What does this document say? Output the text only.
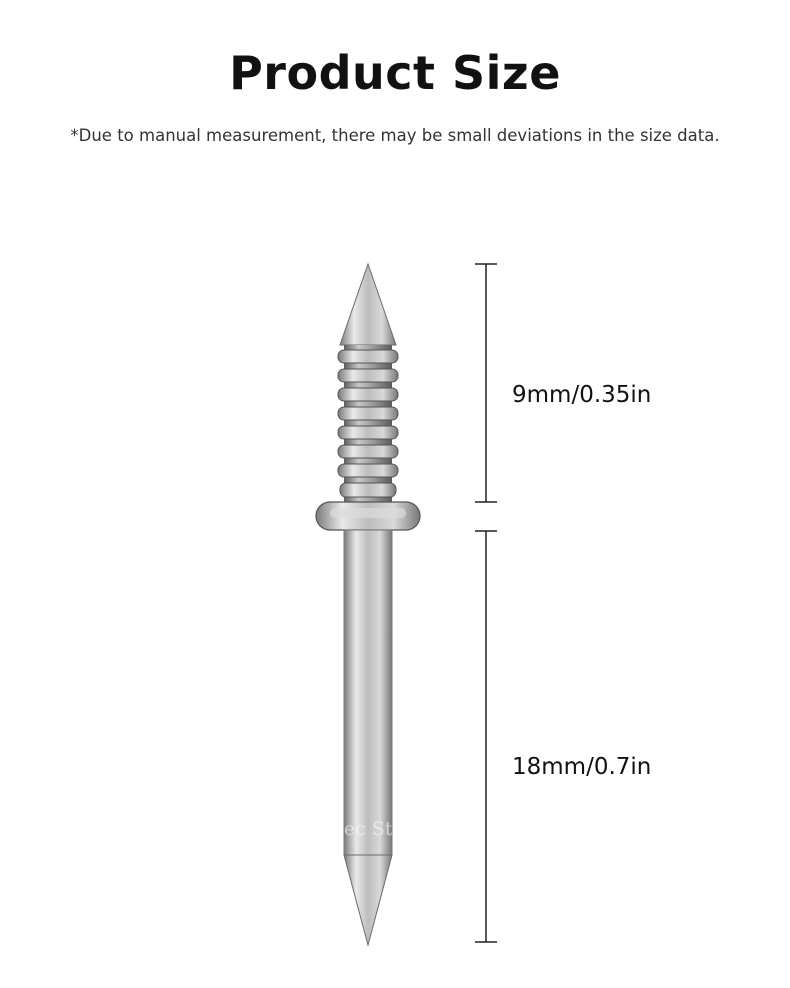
Product Size
*Due to manual measurement, there may be small deviations in the size data.
Fennec Store
9mm/0.35in
18mm/0.7in
